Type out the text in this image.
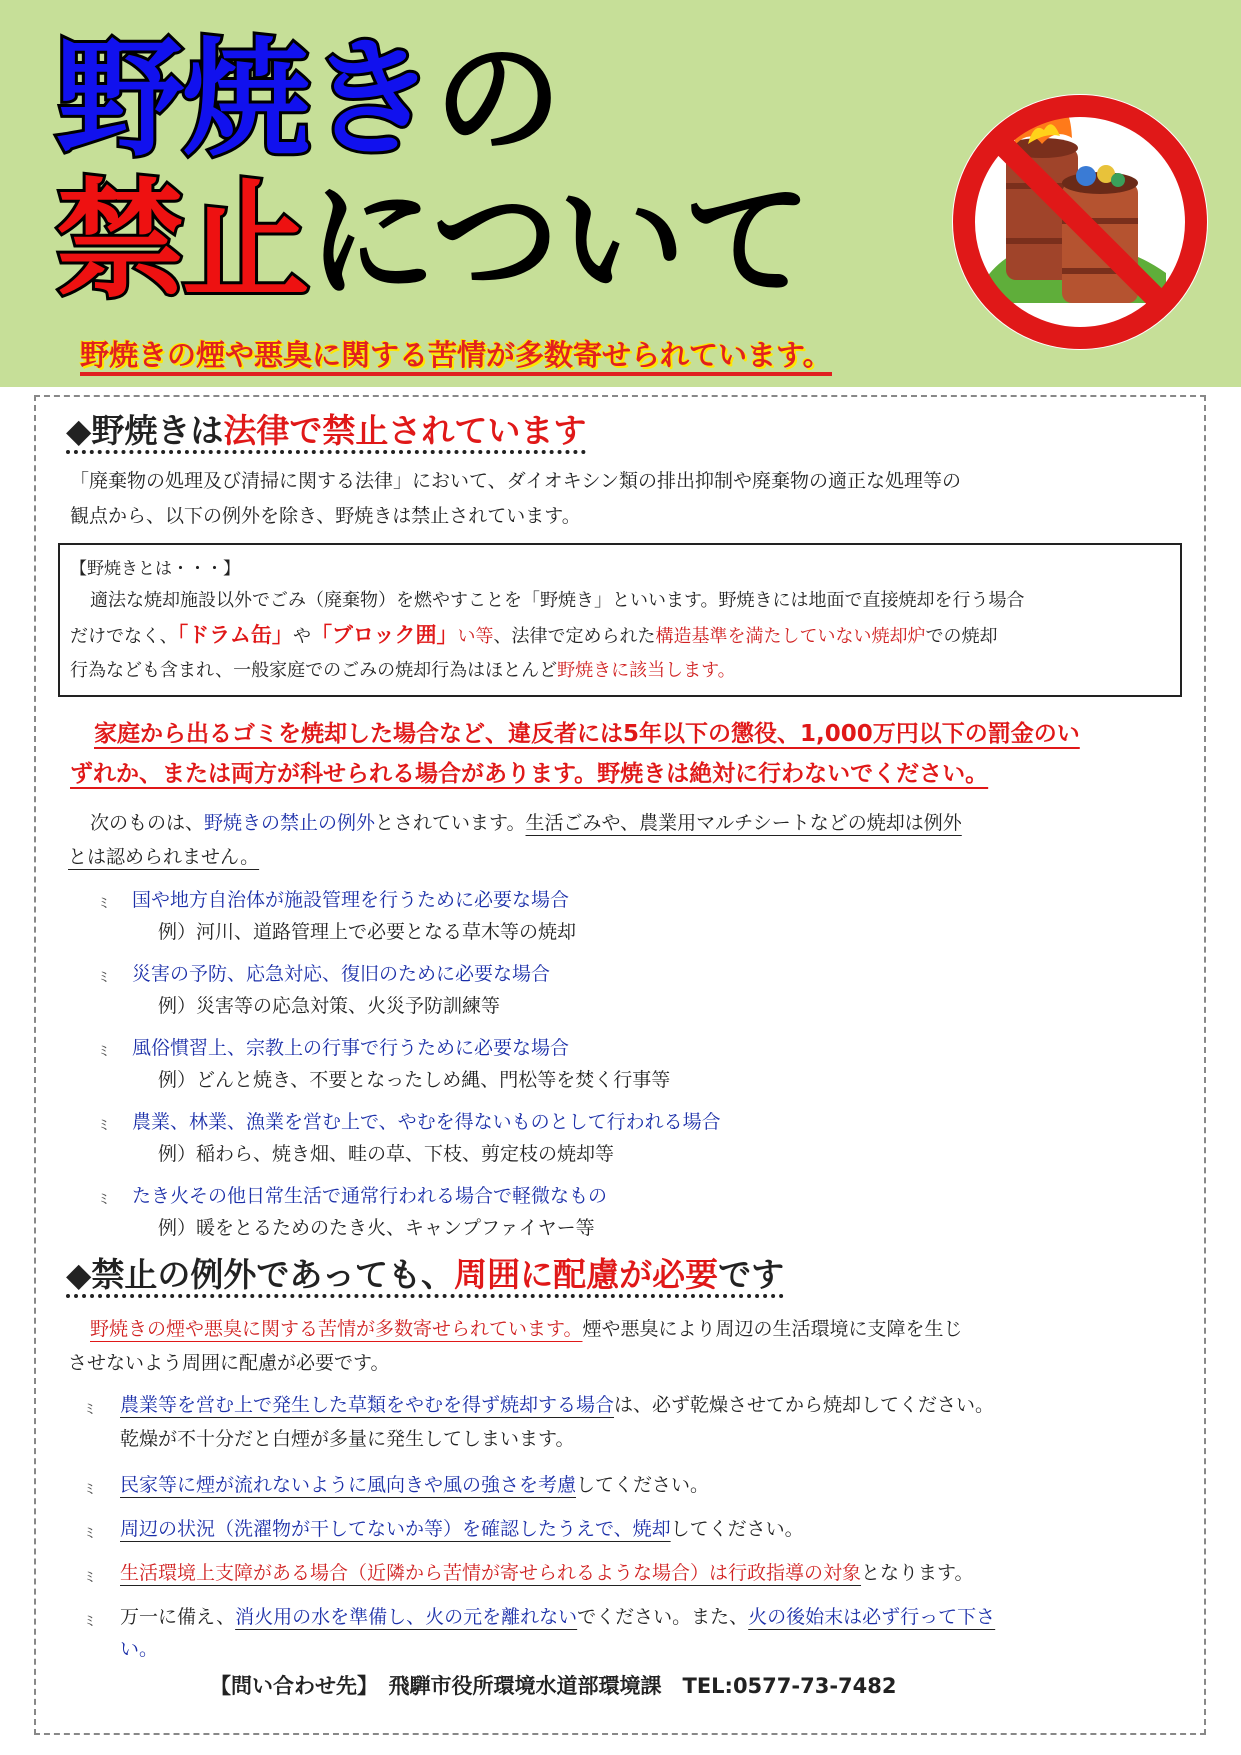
野焼きの
禁止について
野焼きの煙や悪臭に関する苦情が多数寄せられています。
◆野焼きは法律で禁止されています
「廃棄物の処理及び清掃に関する法律」において、ダイオキシン類の排出抑制や廃棄物の適正な処理等の
観点から、以下の例外を除き、野焼きは禁止されています。
【野焼きとは・・・】
適法な焼却施設以外でごみ（廃棄物）を燃やすことを「野焼き」といいます。野焼きには地面で直接焼却を行う場合
だけでなく、「ドラム缶」や「ブロック囲」い等、法律で定められた構造基準を満たしていない焼却炉での焼却
行為なども含まれ、一般家庭でのごみの焼却行為はほとんど野焼きに該当します。
家庭から出るゴミを焼却した場合など、違反者には5年以下の懲役、1,000万円以下の罰金のい
ずれか、または両方が科せられる場合があります。野焼きは絶対に行わないでください。
次のものは、野焼きの禁止の例外とされています。生活ごみや、農業用マルチシートなどの焼却は例外
とは認められません。
ﾐ 国や地方自治体が施設管理を行うために必要な場合
例）河川、道路管理上で必要となる草木等の焼却
ﾐ 災害の予防、応急対応、復旧のために必要な場合
例）災害等の応急対策、火災予防訓練等
ﾐ 風俗慣習上、宗教上の行事で行うために必要な場合
例）どんと焼き、不要となったしめ縄、門松等を焚く行事等
ﾐ 農業、林業、漁業を営む上で、やむを得ないものとして行われる場合
例）稲わら、焼き畑、畦の草、下枝、剪定枝の焼却等
ﾐ たき火その他日常生活で通常行われる場合で軽微なもの
例）暖をとるためのたき火、キャンプファイヤー等
◆禁止の例外であっても、周囲に配慮が必要です
野焼きの煙や悪臭に関する苦情が多数寄せられています。煙や悪臭により周辺の生活環境に支障を生じ
させないよう周囲に配慮が必要です。
ﾐ 農業等を営む上で発生した草類をやむを得ず焼却する場合は、必ず乾燥させてから焼却してください。
乾燥が不十分だと白煙が多量に発生してしまいます。
ﾐ 民家等に煙が流れないように風向きや風の強さを考慮してください。
ﾐ 周辺の状況（洗濯物が干してないか等）を確認したうえで、焼却してください。
ﾐ 生活環境上支障がある場合（近隣から苦情が寄せられるような場合）は行政指導の対象となります。
ﾐ 万一に備え、消火用の水を準備し、火の元を離れないでください。また、火の後始末は必ず行って下さ
い。
【問い合わせ先】　飛騨市役所環境水道部環境課　TEL:0577-73-7482
